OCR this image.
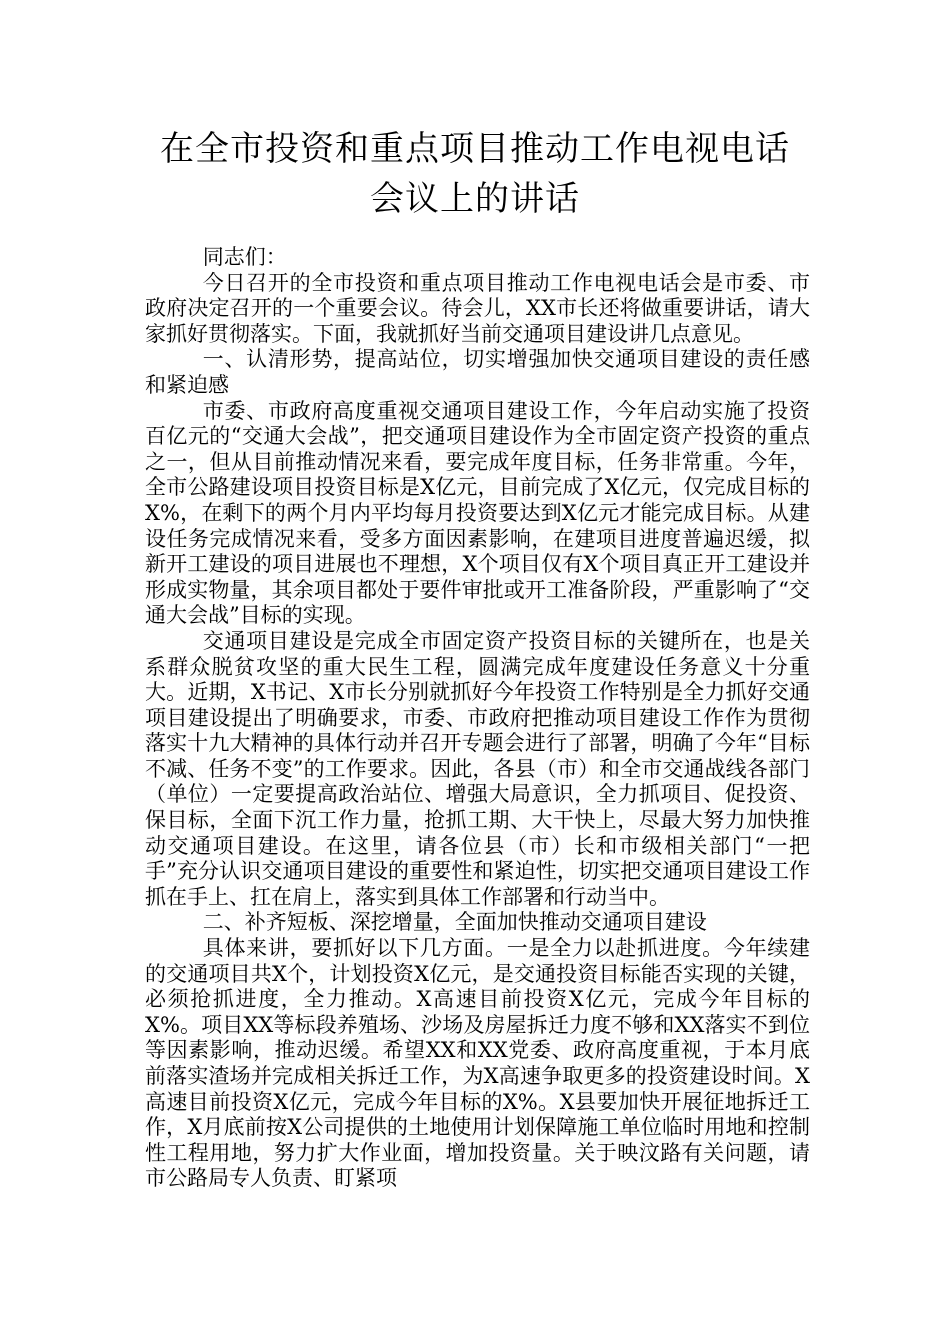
在全市投资和重点项目推动工作电视电话
会议上的讲话

同志们：

今日召开的全市投资和重点项目推动工作电视电话会是市委、市政府决定召开的一个重要会议。待会儿，XX市长还将做重要讲话，请大家抓好贯彻落实。下面，我就抓好当前交通项目建设讲几点意见。

一、认清形势，提高站位，切实增强加快交通项目建设的责任感和紧迫感

市委、市政府高度重视交通项目建设工作，今年启动实施了投资百亿元的“交通大会战”，把交通项目建设作为全市固定资产投资的重点之一，但从目前推动情况来看，要完成年度目标，任务非常重。今年，全市公路建设项目投资目标是X亿元，目前完成了X亿元，仅完成目标的X%，在剩下的两个月内平均每月投资要达到X亿元才能完成目标。从建设任务完成情况来看，受多方面因素影响，在建项目进度普遍迟缓，拟新开工建设的项目进展也不理想，X个项目仅有X个项目真正开工建设并形成实物量，其余项目都处于要件审批或开工准备阶段，严重影响了“交通大会战”目标的实现。

交通项目建设是完成全市固定资产投资目标的关键所在，也是关系群众脱贫攻坚的重大民生工程，圆满完成年度建设任务意义十分重大。近期，X书记、X市长分别就抓好今年投资工作特别是全力抓好交通项目建设提出了明确要求，市委、市政府把推动项目建设工作作为贯彻落实十九大精神的具体行动并召开专题会进行了部署，明确了今年“目标不减、任务不变”的工作要求。因此，各县（市）和全市交通战线各部门（单位）一定要提高政治站位、增强大局意识，全力抓项目、促投资、保目标，全面下沉工作力量，抢抓工期、大干快上，尽最大努力加快推动交通项目建设。在这里，请各位县（市）长和市级相关部门“一把手”充分认识交通项目建设的重要性和紧迫性，切实把交通项目建设工作抓在手上、扛在肩上，落实到具体工作部署和行动当中。

二、补齐短板、深挖增量，全面加快推动交通项目建设

具体来讲，要抓好以下几方面。一是全力以赴抓进度。今年续建的交通项目共X个，计划投资X亿元，是交通投资目标能否实现的关键，必须抢抓进度，全力推动。X高速目前投资X亿元，完成今年目标的X%。项目XX等标段养殖场、沙场及房屋拆迁力度不够和XX落实不到位等因素影响，推动迟缓。希望XX和XX党委、政府高度重视，于本月底前落实渣场并完成相关拆迁工作，为X高速争取更多的投资建设时间。X高速目前投资X亿元，完成今年目标的X%。X县要加快开展征地拆迁工作，X月底前按X公司提供的土地使用计划保障施工单位临时用地和控制性工程用地，努力扩大作业面，增加投资量。关于映汶路有关问题，请市公路局专人负责、盯紧项
